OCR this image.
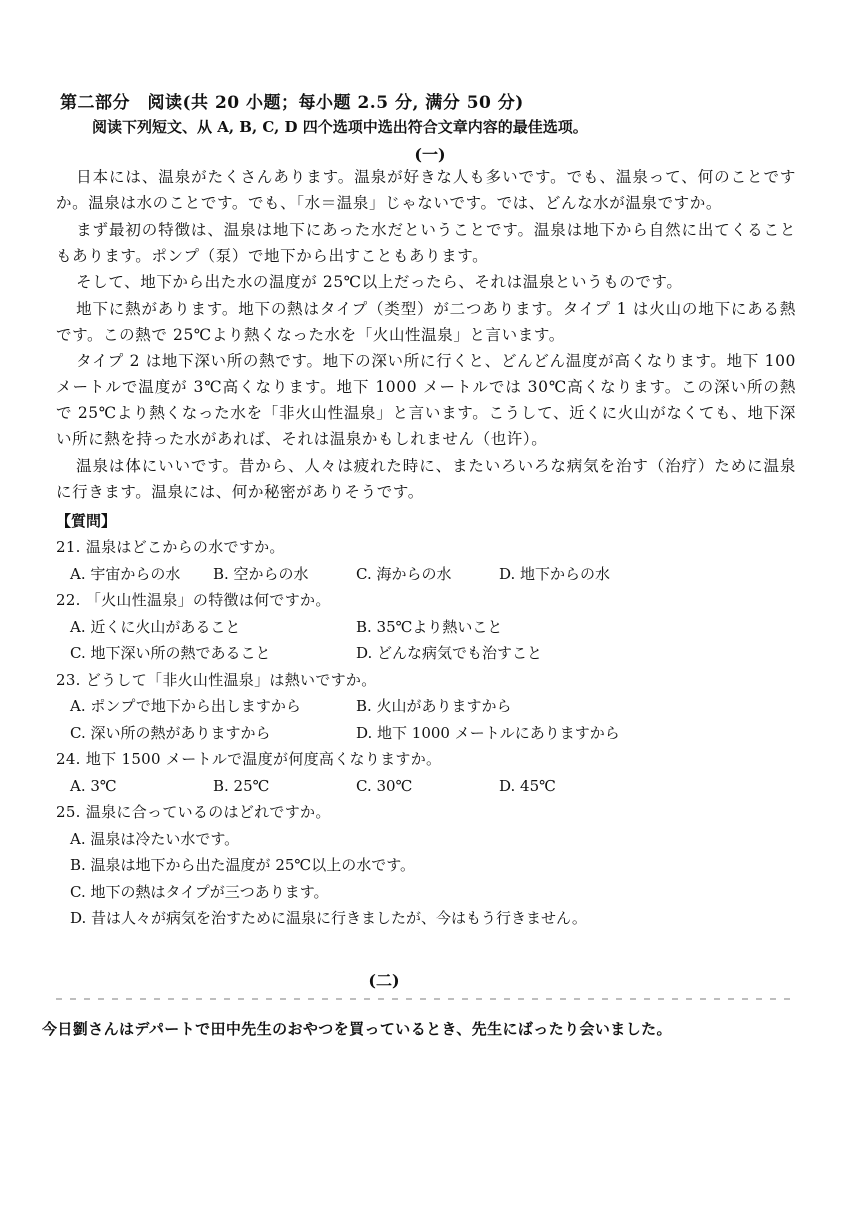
第二部分　阅读(共 20 小题；每小题 2.5 分, 满分 50 分)
阅读下列短文、从 A, B, C, D 四个选项中选出符合文章内容的最佳选项。
(一)

日本には、温泉がたくさんあります。温泉が好きな人も多いです。でも、温泉って、何のことですか。温泉は水のことです。でも、「水＝温泉」じゃないです。では、どんな水が温泉ですか。

まず最初の特徴は、温泉は地下にあった水だということです。温泉は地下から自然に出てくることもあります。ポンプ（泵）で地下から出すこともあります。

そして、地下から出た水の温度が 25℃以上だったら、それは温泉というものです。

地下に熱があります。地下の熱はタイプ（类型）が二つあります。タイプ 1 は火山の地下にある熱です。この熱で 25℃より熱くなった水を「火山性温泉」と言います。

タイプ 2 は地下深い所の熱です。地下の深い所に行くと、どんどん温度が高くなります。地下 100 メートルで温度が 3℃高くなります。地下 1000 メートルでは 30℃高くなります。この深い所の熱で 25℃より熱くなった水を「非火山性温泉」と言います。こうして、近くに火山がなくても、地下深い所に熱を持った水があれば、それは温泉かもしれません（也许）。

温泉は体にいいです。昔から、人々は疲れた時に、またいろいろな病気を治す（治疗）ために温泉に行きます。温泉には、何か秘密がありそうです。

【質問】
21. 温泉はどこからの水ですか。
A. 宇宙からの水	B. 空からの水	C. 海からの水	D. 地下からの水
22. 「火山性温泉」の特徴は何ですか。
A. 近くに火山があること	B. 35℃より熱いこと
C. 地下深い所の熱であること	D. どんな病気でも治すこと
23. どうして「非火山性温泉」は熱いですか。
A. ポンプで地下から出しますから	B. 火山がありますから
C. 深い所の熱がありますから	D. 地下 1000 メートルにありますから
24. 地下 1500 メートルで温度が何度高くなりますか。
A. 3℃	B. 25℃	C. 30℃	D. 45℃
25. 温泉に合っているのはどれですか。
A. 温泉は冷たい水です。
B. 温泉は地下から出た温度が 25℃以上の水です。
C. 地下の熱はタイプが三つあります。
D. 昔は人々が病気を治すために温泉に行きましたが、今はもう行きません。
(二)
今日劉さんはデパートで田中先生のおやつを買っているとき、先生にばったり会いました。
